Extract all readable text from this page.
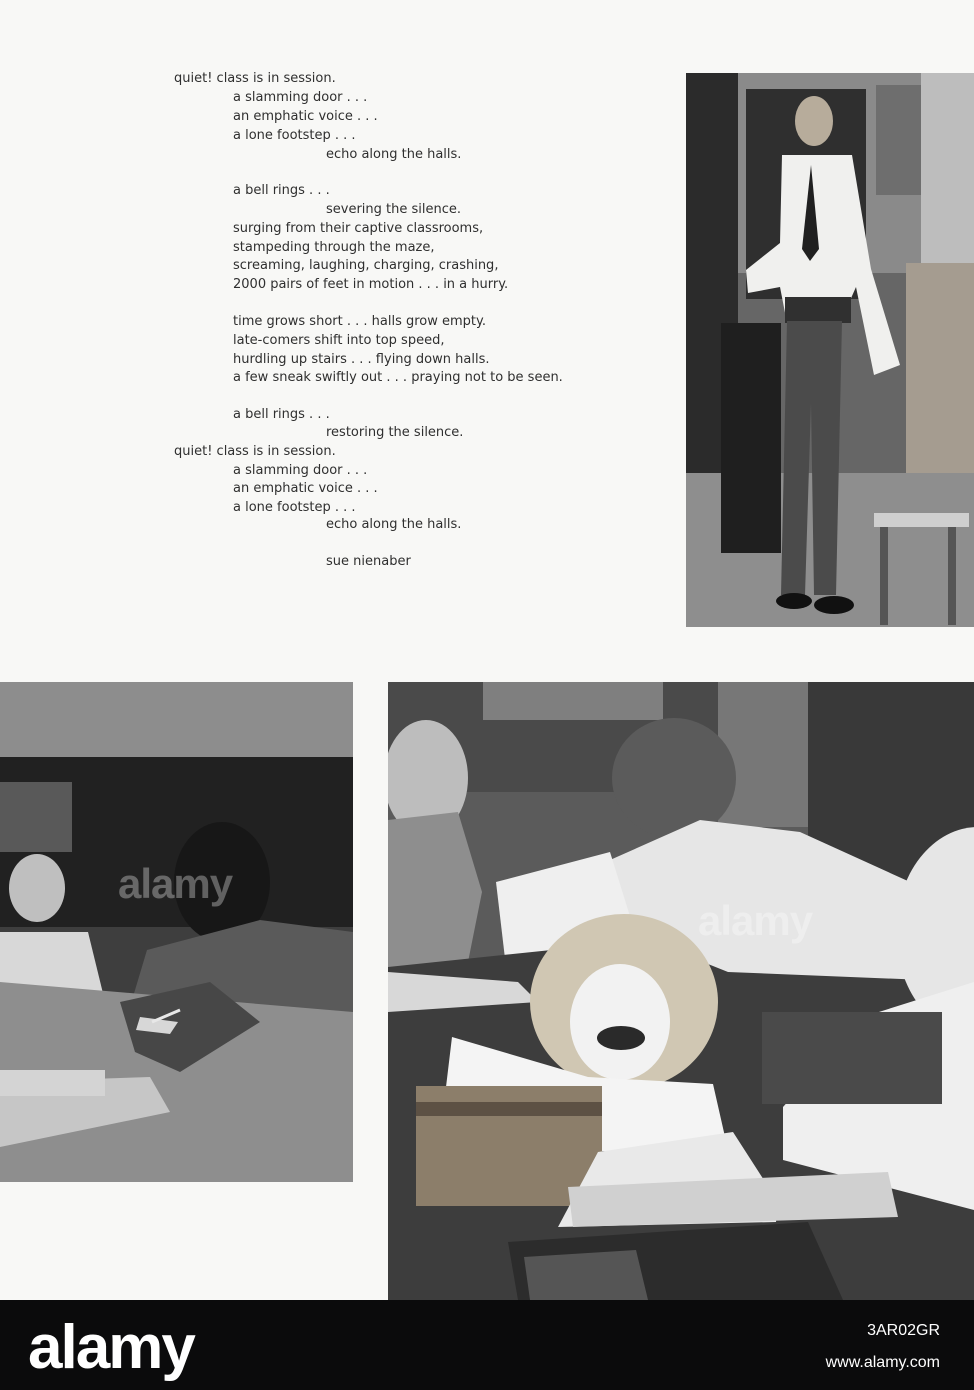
quiet! class is in session.
a slamming door . . .
an emphatic voice . . .
a lone footstep . . .
echo along the halls.
a bell rings . . .
severing the silence.
surging from their captive classrooms,
stampeding through the maze,
screaming, laughing, charging, crashing,
2000 pairs of feet in motion . . . in a hurry.
time grows short . . . halls grow empty.
late-comers shift into top speed,
hurdling up stairs . . . flying down halls.
a few sneak swiftly out . . . praying not to be seen.
a bell rings . . .
restoring the silence.
quiet! class is in session.
a slamming door . . .
an emphatic voice . . .
a lone footstep . . .
echo along the halls.
sue nienaber
alamy
alamy
alamy	3AR02GR
www.alamy.com
